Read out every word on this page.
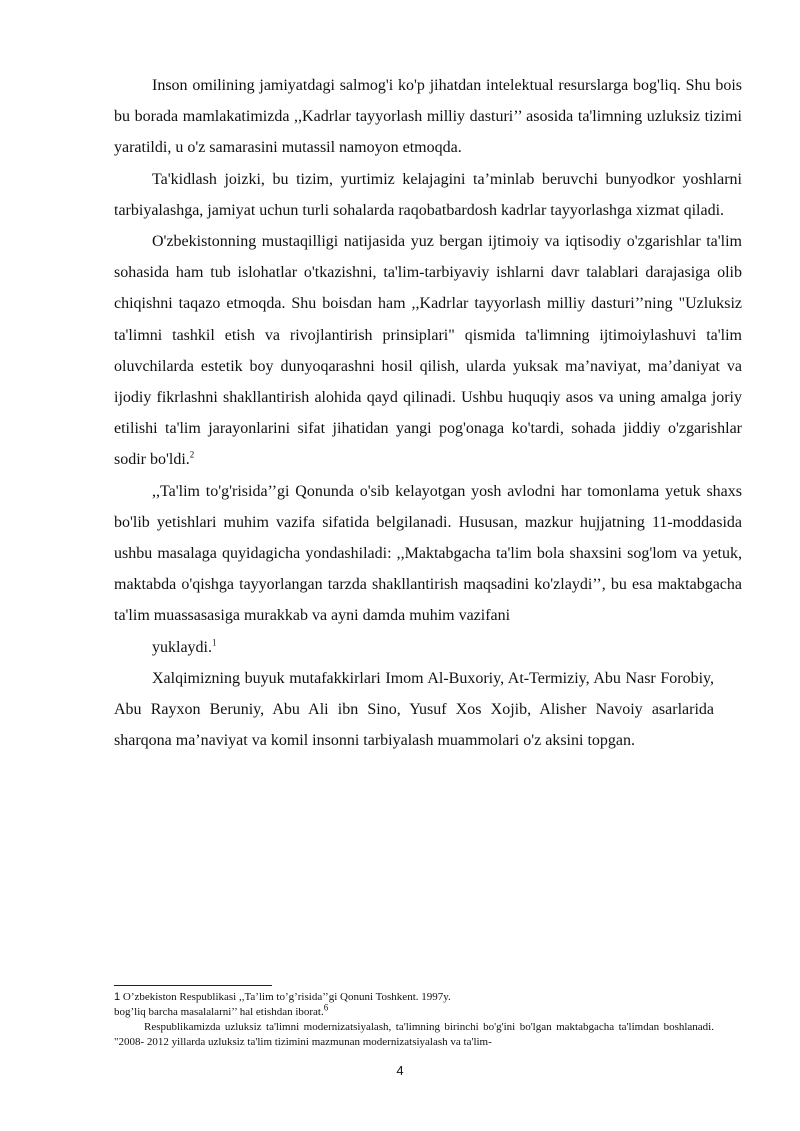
Inson omilining jamiyatdagi salmog'i ko'p jihatdan intelektual resurslarga bog'liq. Shu bois bu borada mamlakatimizda ,,Kadrlar tayyorlash milliy dasturi’’ asosida ta'limning uzluksiz tizimi yaratildi, u o'z samarasini mutassil namoyon etmoqda.

Ta'kidlash joizki, bu tizim, yurtimiz kelajagini ta’minlab beruvchi bunyodkor yoshlarni tarbiyalashga, jamiyat uchun turli sohalarda raqobatbardosh kadrlar tayyorlashga xizmat qiladi.

O'zbekistonning mustaqilligi natijasida yuz bergan ijtimoiy va iqtisodiy o'zgarishlar ta'lim sohasida ham tub islohatlar o'tkazishni, ta'lim-tarbiyaviy ishlarni davr talablari darajasiga olib chiqishni taqazo etmoqda. Shu boisdan ham ,,Kadrlar tayyorlash milliy dasturi’’ning "Uzluksiz ta'limni tashkil etish va rivojlantirish prinsiplari" qismida ta'limning ijtimoiylashuvi ta'lim oluvchilarda estetik boy dunyoqarashni hosil qilish, ularda yuksak ma’naviyat, ma’daniyat va ijodiy fikrlashni shakllantirish alohida qayd qilinadi. Ushbu huquqiy asos va uning amalga joriy etilishi ta'lim jarayonlarini sifat jihatidan yangi pog'onaga ko'tardi, sohada jiddiy o'zgarishlar sodir bo'ldi.$^2$

,,Ta'lim to'g'risida’’gi Qonunda o'sib kelayotgan yosh avlodni har tomonlama yetuk shaxs bo'lib yetishlari muhim vazifa sifatida belgilanadi. Hususan, mazkur hujjatning 11-moddasida ushbu masalaga quyidagicha yondashiladi: ,,Maktabgacha ta'lim bola shaxsini sog'lom va yetuk, maktabda o'qishga tayyorlangan tarzda shakllantirish maqsadini ko'zlaydi’’, bu esa maktabgacha ta'lim muassasasiga murakkab va ayni damda muhim vazifani

yuklaydi.$^1$

Xalqimizning buyuk mutafakkirlari Imom Al-Buxoriy, At-Termiziy, Abu Nasr Forobiy, Abu Rayxon Beruniy, Abu Ali ibn Sino, Yusuf Xos Xojib, Alisher Navoiy asarlarida sharqona ma’naviyat va komil insonni tarbiyalash muammolari o'z aksini topgan.

1 O’zbekiston Respublikasi ,,Ta’lim to’g’risida’’gi Qonuni Toshkent. 1997y.

bog’liq barcha masalalarni’’ hal etishdan iborat.$^6$

Respublikamizda uzluksiz ta'limni modernizatsiyalash, ta'limning birinchi bo'g'ini bo'lgan maktabgacha ta'limdan boshlanadi. "2008- 2012 yillarda uzluksiz ta'lim tizimini mazmunan modernizatsiyalash va ta'lim-

4
